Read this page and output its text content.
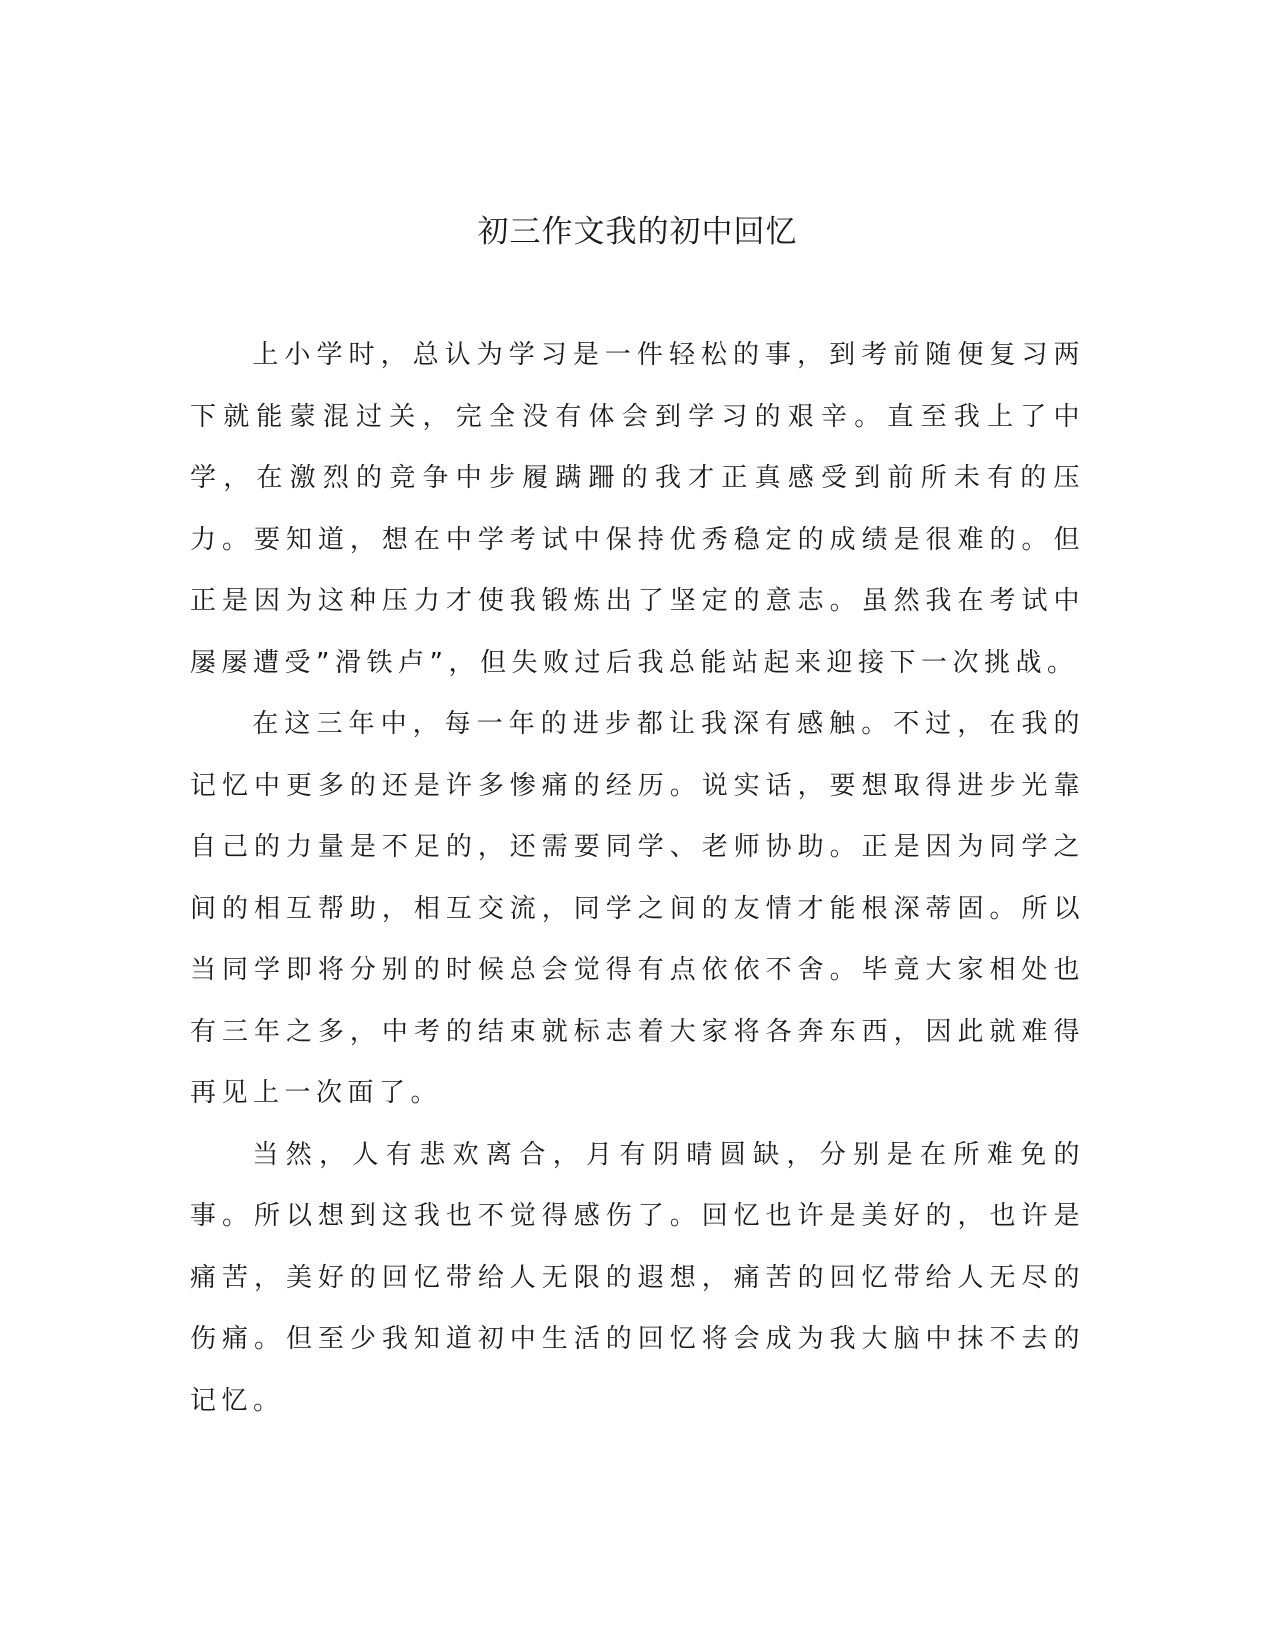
初三作文我的初中回忆

上小学时，总认为学习是一件轻松的事，到考前随便复习两下就能蒙混过关，完全没有体会到学习的艰辛。直至我上了中学，在激烈的竞争中步履蹒跚的我才正真感受到前所未有的压力。要知道，想在中学考试中保持优秀稳定的成绩是很难的。但正是因为这种压力才使我锻炼出了坚定的意志。虽然我在考试中屡屡遭受”滑铁卢”，但失败过后我总能站起来迎接下一次挑战。

在这三年中，每一年的进步都让我深有感触。不过，在我的记忆中更多的还是许多惨痛的经历。说实话，要想取得进步光靠自己的力量是不足的，还需要同学、老师协助。正是因为同学之间的相互帮助，相互交流，同学之间的友情才能根深蒂固。所以当同学即将分别的时候总会觉得有点依依不舍。毕竟大家相处也有三年之多，中考的结束就标志着大家将各奔东西，因此就难得再见上一次面了。

当然，人有悲欢离合，月有阴晴圆缺，分别是在所难免的事。所以想到这我也不觉得感伤了。回忆也许是美好的，也许是痛苦，美好的回忆带给人无限的遐想，痛苦的回忆带给人无尽的伤痛。但至少我知道初中生活的回忆将会成为我大脑中抹不去的记忆。
